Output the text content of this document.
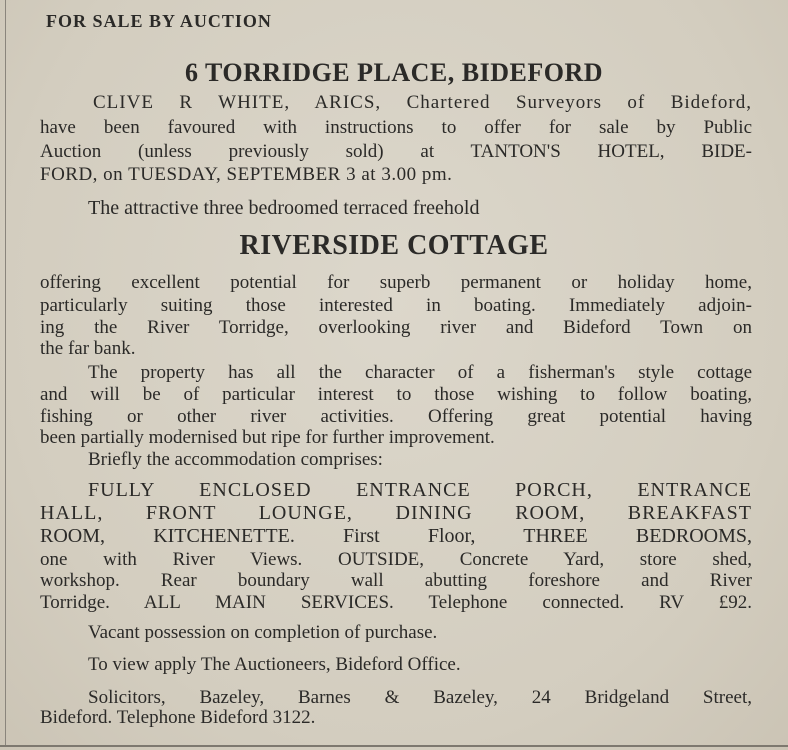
FOR SALE BY AUCTION
6 TORRIDGE PLACE, BIDEFORD
CLIVE R WHITE, ARICS, Chartered Surveyors of Bideford,
have been favoured with instructions to offer for sale by Public
Auction (unless previously sold) at TANTON'S HOTEL, BIDE-
FORD, on TUESDAY, SEPTEMBER 3 at 3.00 pm.
The attractive three bedroomed terraced freehold
RIVERSIDE COTTAGE
offering excellent potential for superb permanent or holiday home,
particularly suiting those interested in boating. Immediately adjoin-
ing the River Torridge, overlooking river and Bideford Town on
the far bank.
The property has all the character of a fisherman's style cottage
and will be of particular interest to those wishing to follow boating,
fishing or other river activities. Offering great potential having
been partially modernised but ripe for further improvement.
Briefly the accommodation comprises:
FULLY ENCLOSED ENTRANCE PORCH, ENTRANCE
HALL, FRONT LOUNGE, DINING ROOM, BREAKFAST
ROOM, KITCHENETTE. First Floor, THREE BEDROOMS,
one with River Views. OUTSIDE, Concrete Yard, store shed,
workshop. Rear boundary wall abutting foreshore and River
Torridge. ALL MAIN SERVICES. Telephone connected. RV £92.
Vacant possession on completion of purchase.
To view apply The Auctioneers, Bideford Office.
Solicitors, Bazeley, Barnes & Bazeley, 24 Bridgeland Street,
Bideford. Telephone Bideford 3122.
